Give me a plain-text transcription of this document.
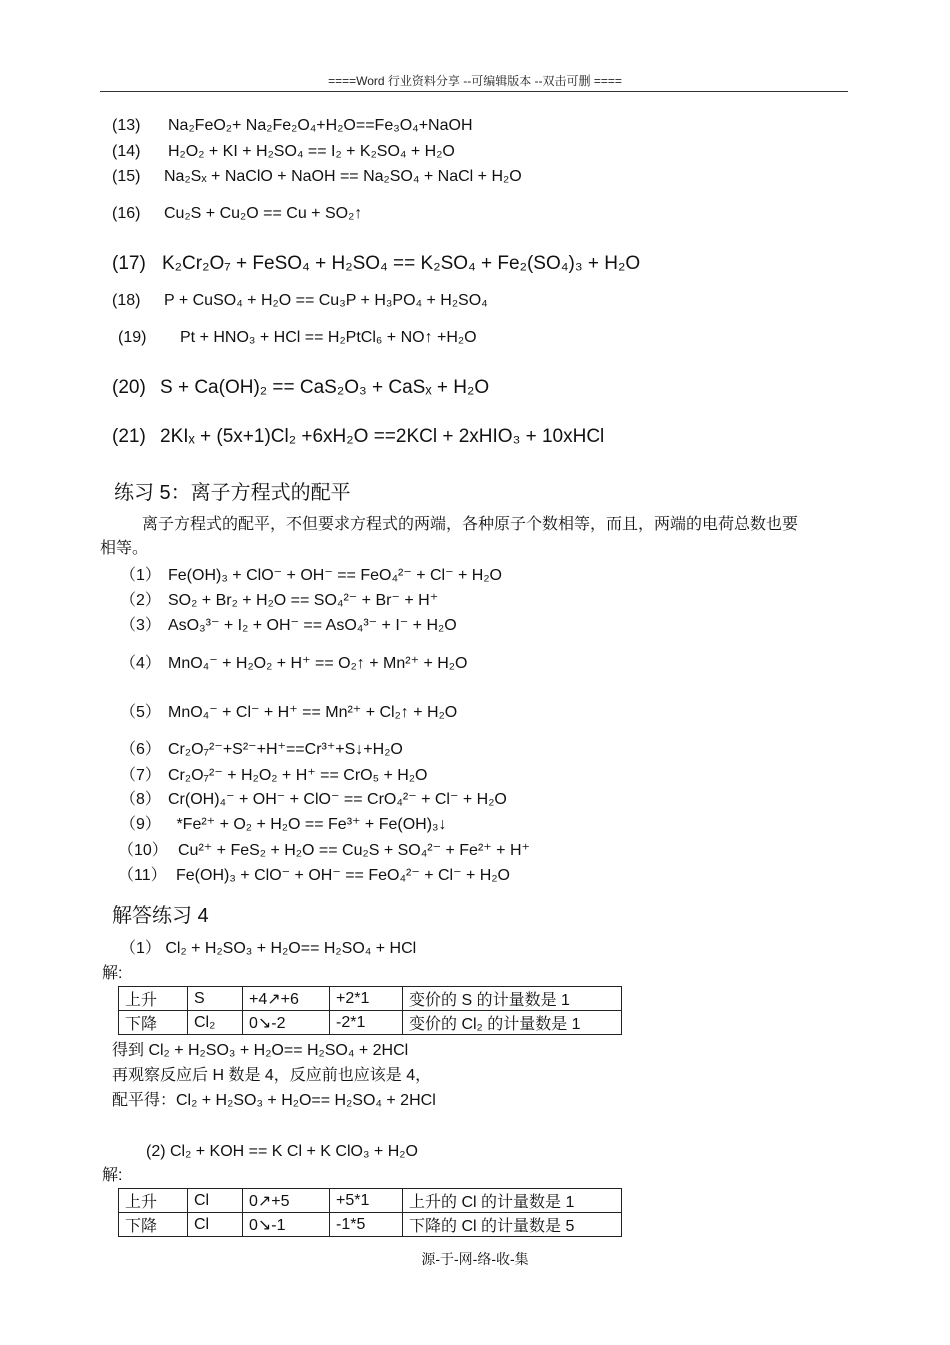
====Word 行业资料分享 --可编辑版本 --双击可删 ====
(13) Na₂FeO₂+ Na₂Fe₂O₄+H₂O==Fe₃O₄+NaOH
(14) H₂O₂ + KI + H₂SO₄ == I₂ + K₂SO₄ + H₂O
(15) Na₂Sₓ + NaClO + NaOH == Na₂SO₄ + NaCl + H₂O
(16) Cu₂S + Cu₂O == Cu + SO₂↑
(17) K₂Cr₂O₇ + FeSO₄ + H₂SO₄ == K₂SO₄ + Fe₂(SO₄)₃ + H₂O
(18) P + CuSO₄ + H₂O == Cu₃P + H₃PO₄ + H₂SO₄
(19) Pt + HNO₃ + HCl == H₂PtCl₆ + NO↑ +H₂O
(20) S + Ca(OH)₂ == CaS₂O₃ + CaSₓ + H₂O
(21) 2KIₓ + (5x+1)Cl₂ +6xH₂O ==2KCl + 2xHIO₃ + 10xHCl
练习 5：离子方程式的配平
离子方程式的配平，不但要求方程式的两端，各种原子个数相等，而且，两端的电荷总数也要相等。
（1） Fe(OH)₃ + ClO⁻ + OH⁻ == FeO₄²⁻ + Cl⁻ + H₂O
（2） SO₂ + Br₂ + H₂O == SO₄²⁻ + Br⁻ + H⁺
（3） AsO₃³⁻ + I₂ + OH⁻ == AsO₄³⁻ + I⁻ + H₂O
（4） MnO₄⁻ + H₂O₂ + H⁺ == O₂↑ + Mn²⁺ + H₂O
（5） MnO₄⁻ + Cl⁻ + H⁺ == Mn²⁺ + Cl₂↑ + H₂O
（6） Cr₂O₇²⁻+S²⁻+H⁺==Cr³⁺+S↓+H₂O
（7） Cr₂O₇²⁻ + H₂O₂ + H⁺ == CrO₅ + H₂O
（8） Cr(OH)₄⁻ + OH⁻ + ClO⁻ == CrO₄²⁻ + Cl⁻ + H₂O
（9） *Fe²⁺ + O₂ + H₂O == Fe³⁺ + Fe(OH)₃↓
（10） Cu²⁺ + FeS₂ + H₂O == Cu₂S + SO₄²⁻ + Fe²⁺ + H⁺
（11） Fe(OH)₃ + ClO⁻ + OH⁻ == FeO₄²⁻ + Cl⁻ + H₂O
解答练习 4
（1） Cl₂ + H₂SO₃ + H₂O== H₂SO₄ + HCl
解:
上升	S	+4↗+6	+2*1	变价的 S 的计量数是 1
下降	Cl₂	0↘-2	-2*1	变价的 Cl₂ 的计量数是 1
得到 Cl₂ + H₂SO₃ + H₂O== H₂SO₄ + 2HCl
再观察反应后 H 数是 4，反应前也应该是 4，
配平得：Cl₂ + H₂SO₃ + H₂O== H₂SO₄ + 2HCl
(2) Cl₂ + KOH == K Cl + K ClO₃ + H₂O
解:
上升	Cl	0↗+5	+5*1	上升的 Cl 的计量数是 1
下降	Cl	0↘-1	-1*5	下降的 Cl 的计量数是 5
源-于-网-络-收-集
